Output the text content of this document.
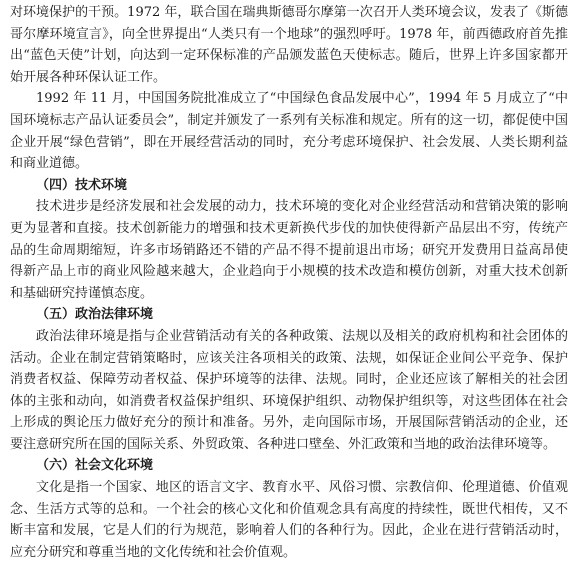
对环境保护的干预。1972 年，联合国在瑞典斯德哥尔摩第一次召开人类环境会议，发表了《斯德哥尔摩环境宣言》，向全世界提出“人类只有一个地球”的强烈呼吁。1978 年，前西德政府首先推出“蓝色天使”计划，向达到一定环保标准的产品颁发蓝色天使标志。随后，世界上许多国家都开始开展各种环保认证工作。

1992 年 11 月，中国国务院批准成立了“中国绿色食品发展中心”，1994 年 5 月成立了“中国环境标志产品认证委员会”，制定并颁发了一系列有关标准和规定。所有的这一切，都促使中国企业开展“绿色营销”，即在开展经营活动的同时，充分考虑环境保护、社会发展、人类长期利益和商业道德。

（四）技术环境

技术进步是经济发展和社会发展的动力，技术环境的变化对企业经营活动和营销决策的影响更为显著和直接。技术创新能力的增强和技术更新换代步伐的加快使得新产品层出不穷，传统产品的生命周期缩短，许多市场销路还不错的产品不得不提前退出市场；研究开发费用日益高昂使得新产品上市的商业风险越来越大，企业趋向于小规模的技术改造和模仿创新，对重大技术创新和基础研究持谨慎态度。

（五）政治法律环境

政治法律环境是指与企业营销活动有关的各种政策、法规以及相关的政府机构和社会团体的活动。企业在制定营销策略时，应该关注各项相关的政策、法规，如保证企业间公平竞争、保护消费者权益、保障劳动者权益、保护环境等的法律、法规。同时，企业还应该了解相关的社会团体的主张和动向，如消费者权益保护组织、环境保护组织、动物保护组织等，对这些团体在社会上形成的舆论压力做好充分的预计和准备。另外，走向国际市场，开展国际营销活动的企业，还要注意研究所在国的国际关系、外贸政策、各种进口壁垒、外汇政策和当地的政治法律环境等。

（六）社会文化环境

文化是指一个国家、地区的语言文字、教育水平、风俗习惯、宗教信仰、伦理道德、价值观念、生活方式等的总和。一个社会的核心文化和价值观念具有高度的持续性，既世代相传，又不断丰富和发展，它是人们的行为规范，影响着人们的各种行为。因此，企业在进行营销活动时，应充分研究和尊重当地的文化传统和社会价值观。
